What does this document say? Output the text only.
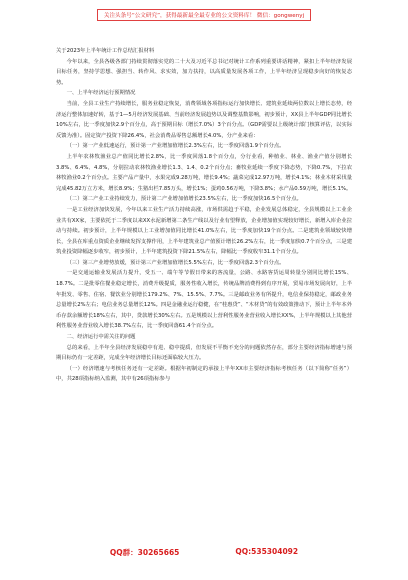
关注头条号“公文研究”，获得最新最全最专业的公文资料库！ 微信：gongwenyj

关于2023年上半年统计工作总结汇报材料

今年以来，全县各级各部门持续贯彻落实党的二十大及习近平总书记对统计工作系列重要讲话精神，紧扣上半年经济发展目标任务，坚持学思想、强担当、转作风、求实效，加力扶持，以高质量发展各项工作，上半年经济呈现稳步向好的恢复态势。

一、上半年经济运行预期情况

当前，全县工业生产持续增长，服务业稳定恢复，消费领域各项指标运行加快增长、建筑业延续两位数以上增长态势，经济运行整体加速好转，基于1—5月经济发展基础、当前经济发展趋势以及调整基数影响，初步预计，XX县上半年GDP同比增长10%左右，比一季度加快2.9个百分点，高于预期目标（增长7.0%）3个百分点。（GDP需要以上级统计部门核算评估，以实际反馈为准）。固定资产投资下降26.4%，社会消费品零售总额增长4.0%，分产业来看：

（一）第一产业低速运行，预计第一产业增加值增长2.3%左右，比一季度回落1.9个百分点。

上半年农林牧渔业总产值同比增长2.8%，比一季度回落1.8个百分点，分行业看，种植业、林业、渔业产值分别增长3.8%、6.4%、4.8%，分别拉动农林牧渔业增长1.3、1.4、0.2个百分点；畜牧业延续一季度下降态势，下降0.7%，下拉农林牧渔业0.2个百分点。主要产品产量中，水果完成9.28万吨，增长9.4%；蔬菜完成12.97万吨，增长4.1%；林业木材采伐量完成45.82万立方米，增长8.9%；生猪出栏7.85万头，增长1%；蛋鸡0.56万吨，下降3.8%；水产品0.59万吨，增长5.1%。

（二）第二产业工业持续发力，预计第二产业增加值增长23.5%左右，比一季度加快16.5个百分点。

一是工业经济加快发展，今年以来工业生产活力持续高涨，市场供需趋于平稳，企业发展总体稳定，全县规模以上工业企业共有XX家，主要依托于二季度以来XX水泥新增第二条生产线以及行业有望释放，企业增加值实现较好增长，新增入库企业拉动与持续。初步预计，上半年规模以上工业增加值同比增长41.0%左右，比一季度加快19个百分点。二是建筑业领域较快增长，全县在库重点资质企业继续发挥支撑作用，上半年建筑业总产值预计增长26.2%左右，比一季度加快0.7个百分点，三是建筑业投资降幅逐步收窄，初步预计，上半年建筑投资下降21.5%左右，降幅比一季度收窄31.1个百分点。

（三）第三产业增势放缓，预计第三产业增加值增长5.5%左右，比一季度回落2.3个百分点。

一是交通运输业发展活力提升，受五一、端午等节假日带来的客流量，公路、水路客货运周转量分别同比增长15%、18.7%。二是批零住餐业稳定增长，消费升级提质，服务性收入增长，传统品牌消费得到有序开展，贸易市场发展向好，上半年批发、零售、住宿、餐饮业分别增长179.2%、7%、15.5%、7.7%。三是邮政业务有所提升，电信业保持稳定，邮政业务总量增长2%左右；电信业务总量增长12%。四是金融业运行稳健，在“桂惠贷”、“木材贷”的有效政策推动下，预计上半年本外币存款余额增长18%左右，其中，贷款增长30%左右。五是规模以上营利性服务业营业收入增长XX%，上半年规模以上其他营利性服务业营业收入增长38.7%左右，比一季度回落61.4个百分点。

二、经济运行中需关注的问题

总的来看，上半年全县经济发展稳中有进、稳中提质，但发展不平衡不充分的问题依然存在，部分主要经济指标增速与预期目标仍有一定差距，完成全年经济增长目标还面临较大压力。

（一）经济增速与考核任务还有一定差距。根据年初制定的承接上半年XX市主要经济指标考核任务（以下简称“任务”）中，共28项指标纳入监测，其中有26项指标参与

QQ群：30265665	QQ:535304092
